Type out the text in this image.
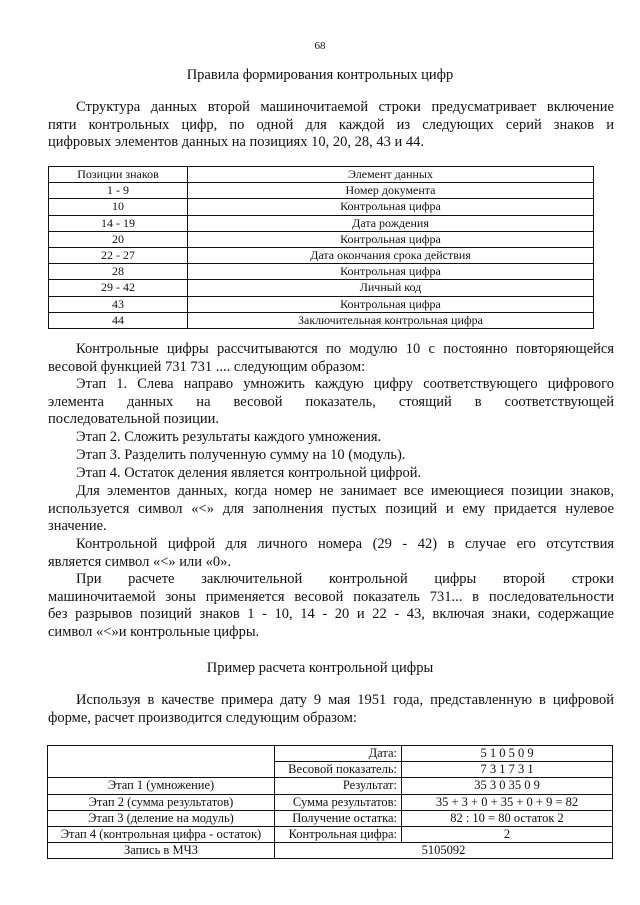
68
Правила формирования контрольных цифр
Структура данных второй машиночитаемой строки предусматривает включение
пяти контрольных цифр, по одной для каждой из следующих серий знаков и
цифровых элементов данных на позициях 10, 20, 28, 43 и 44.
Позиции знаков	Элемент данных
1 - 9	Номер документа
10	Контрольная цифра
14 - 19	Дата рождения
20	Контрольная цифра
22 - 27	Дата окончания срока действия
28	Контрольная цифра
29 - 42	Личный код
43	Контрольная цифра
44	Заключительная контрольная цифра
Контрольные цифры рассчитываются по модулю 10 с постоянно повторяющейся
весовой функцией 731 731 .... следующим образом:
Этап 1. Слева направо умножить каждую цифру соответствующего цифрового
элемента данных на весовой показатель, стоящий в соответствующей
последовательной позиции.
Этап 2. Сложить результаты каждого умножения.
Этап 3. Разделить полученную сумму на 10 (модуль).
Этап 4. Остаток деления является контрольной цифрой.
Для элементов данных, когда номер не занимает все имеющиеся позиции знаков,
используется символ «<» для заполнения пустых позиций и ему придается нулевое
значение.
Контрольной цифрой для личного номера (29 - 42) в случае его отсутствия
является символ «<» или «0».
При расчете заключительной контрольной цифры второй строки
машиночитаемой зоны применяется весовой показатель 731... в последовательности
без разрывов позиций знаков 1 - 10, 14 - 20 и 22 - 43, включая знаки, содержащие
символ «<»и контрольные цифры.
Пример расчета контрольной цифры
Используя в качестве примера дату 9 мая 1951 года, представленную в цифровой
форме, расчет производится следующим образом:
	Дата:	5 1 0 5 0 9
	Весовой показатель:	7 3 1 7 3 1
Этап 1 (умножение)	Результат:	35 3 0 35 0 9
Этап 2 (сумма результатов)	Сумма результатов:	35 + 3 + 0 + 35 + 0 + 9 = 82
Этап 3 (деление на модуль)	Получение остатка:	82 : 10 = 80 остаток 2
Этап 4 (контрольная цифра - остаток)	Контрольная цифра:	2
Запись в МЧЗ	5105092	
